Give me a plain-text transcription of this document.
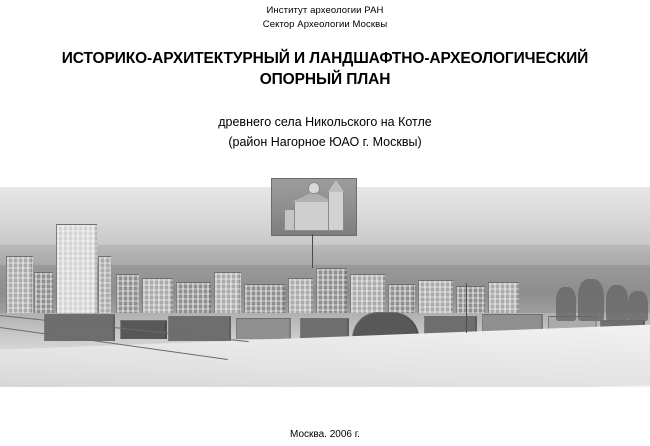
Институт археологии РАН
Сектор Археологии Москвы
ИСТОРИКО-АРХИТЕКТУРНЫЙ И ЛАНДШАФТНО-АРХЕОЛОГИЧЕСКИЙ
ОПОРНЫЙ ПЛАН
древнего села Никольского на Котле
(район Нагорное ЮАО г. Москвы)
Москва. 2006 г.
